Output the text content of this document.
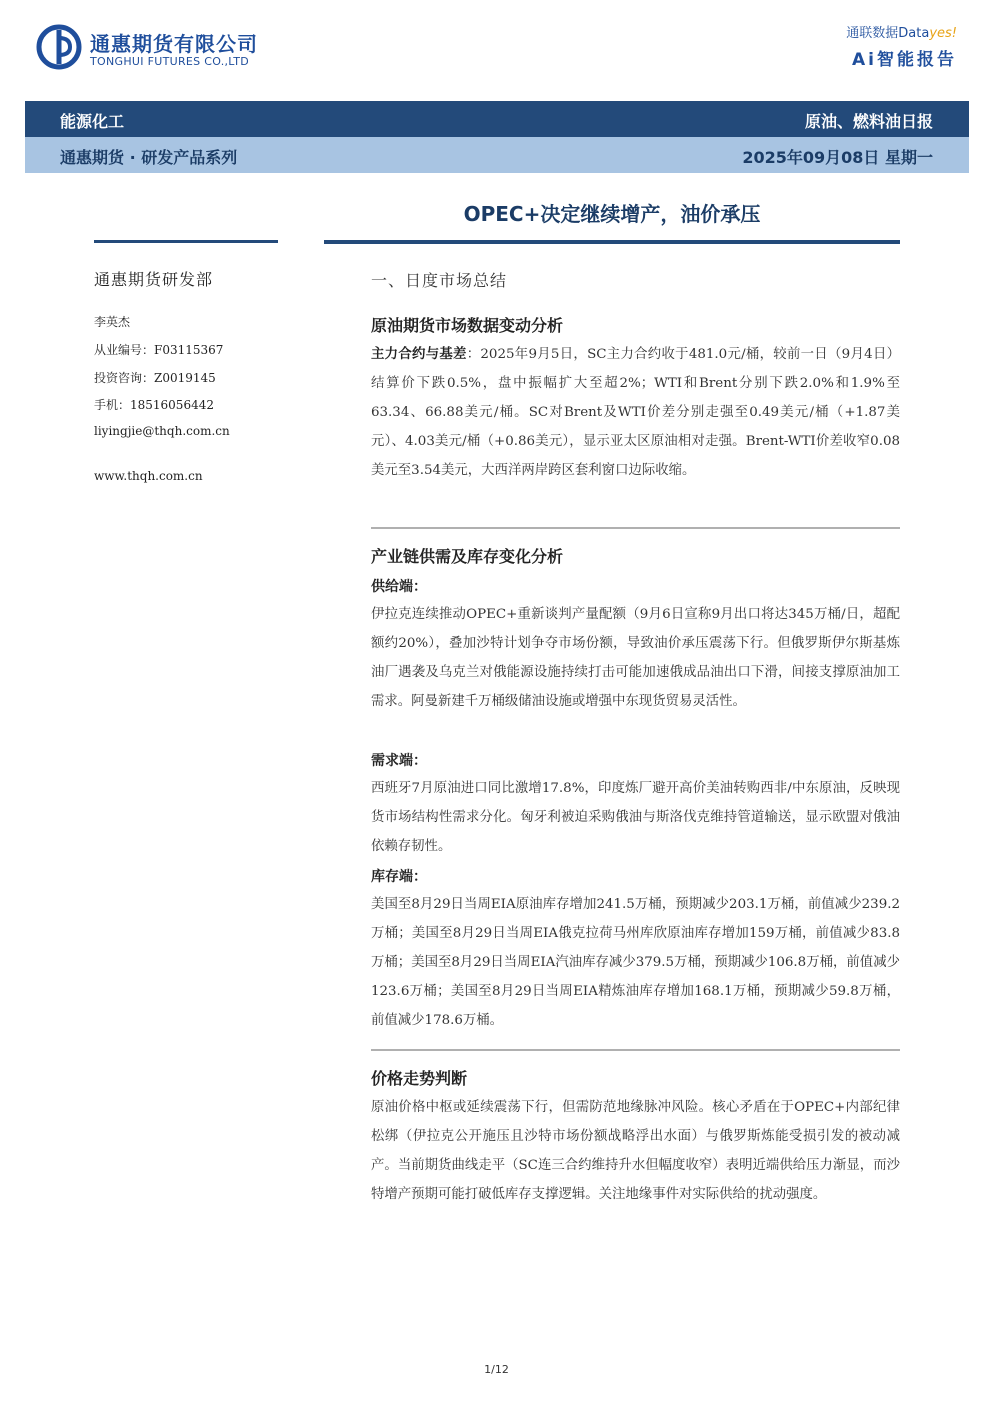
通惠期货有限公司
TONGHUI FUTURES CO.,LTD
通联数据Datayes!
Ai智能报告
能源化工	原油、燃料油日报
通惠期货 · 研发产品系列	2025年09月08日 星期一
OPEC+决定继续增产，油价承压
通惠期货研发部
李英杰
从业编号：F03115367
投资咨询：Z0019145
手机：18516056442
liyingjie@thqh.com.cn
www.thqh.com.cn
一、日度市场总结
原油期货市场数据变动分析
主力合约与基差：2025年9月5日，SC主力合约收于481.0元/桶，较前一日（9月4日）结算价下跌0.5%，盘中振幅扩大至超2%；WTI和Brent分别下跌2.0%和1.9%至63.34、66.88美元/桶。SC对Brent及WTI价差分别走强至0.49美元/桶（+1.87美元）、4.03美元/桶（+0.86美元），显示亚太区原油相对走强。Brent-WTI价差收窄0.08美元至3.54美元，大西洋两岸跨区套利窗口边际收缩。
产业链供需及库存变化分析
供给端：
伊拉克连续推动OPEC+重新谈判产量配额（9月6日宣称9月出口将达345万桶/日，超配额约20%），叠加沙特计划争夺市场份额，导致油价承压震荡下行。但俄罗斯伊尔斯基炼油厂遇袭及乌克兰对俄能源设施持续打击可能加速俄成品油出口下滑，间接支撑原油加工需求。阿曼新建千万桶级储油设施或增强中东现货贸易灵活性。
需求端：
西班牙7月原油进口同比激增17.8%，印度炼厂避开高价美油转购西非/中东原油，反映现货市场结构性需求分化。匈牙利被迫采购俄油与斯洛伐克维持管道输送，显示欧盟对俄油依赖存韧性。
库存端：
美国至8月29日当周EIA原油库存增加241.5万桶，预期减少203.1万桶，前值减少239.2万桶；美国至8月29日当周EIA俄克拉荷马州库欣原油库存增加159万桶，前值减少83.8万桶；美国至8月29日当周EIA汽油库存减少379.5万桶，预期减少106.8万桶，前值减少123.6万桶；美国至8月29日当周EIA精炼油库存增加168.1万桶，预期减少59.8万桶，前值减少178.6万桶。
价格走势判断
原油价格中枢或延续震荡下行，但需防范地缘脉冲风险。核心矛盾在于OPEC+内部纪律松绑（伊拉克公开施压且沙特市场份额战略浮出水面）与俄罗斯炼能受损引发的被动减产。当前期货曲线走平（SC连三合约维持升水但幅度收窄）表明近端供给压力渐显，而沙特增产预期可能打破低库存支撑逻辑。关注地缘事件对实际供给的扰动强度。
1/12
